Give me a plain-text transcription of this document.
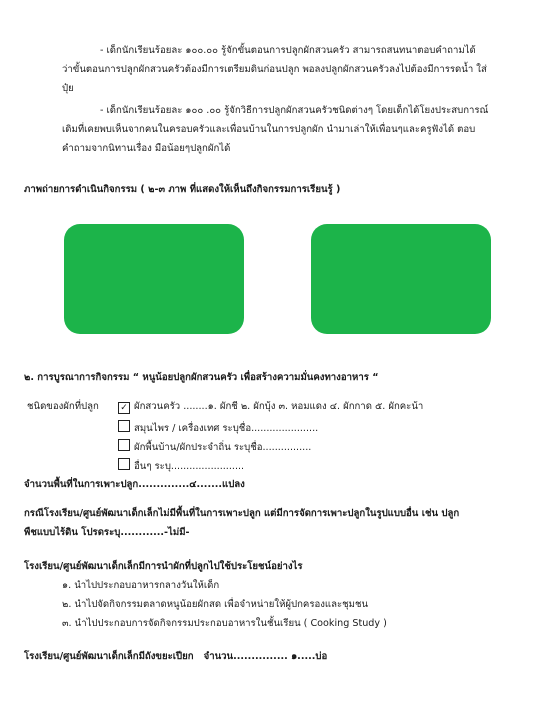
- เด็กนักเรียนร้อยละ ๑๐๐.๐๐ รู้จักขั้นตอนการปลูกผักสวนครัว สามารถสนทนาตอบคำถามได้

ว่าขั้นตอนการปลูกผักสวนครัวต้องมีการเตรียมดินก่อนปลูก พอลงปลูกผักสวนครัวลงไปต้องมีการรดน้ำ ใส่

ปุ๋ย

- เด็กนักเรียนร้อยละ ๑๐๐ .๐๐ รู้จักวิธีการปลูกผักสวนครัวชนิดต่างๆ โดยเด็กได้โยงประสบการณ์

เดิมที่เคยพบเห็นจากคนในครอบครัวและเพื่อนบ้านในการปลูกผัก นำมาเล่าให้เพื่อนๆและครูฟังได้ ตอบ

คำถามจากนิทานเรื่อง มือน้อยๆปลูกผักได้

ภาพถ่ายการดำเนินกิจกรรม ( ๒-๓ ภาพ ที่แสดงให้เห็นถึงกิจกรรมการเรียนรู้ )

๒. การบูรณาการกิจกรรม “ หนูน้อยปลูกผักสวนครัว เพื่อสร้างความมั่นคงทางอาหาร “

ชนิดของผักที่ปลูก ✓ ผักสวนครัว ........๑. ผักชี ๒. ผักบุ้ง ๓. หอมแดง ๔. ผักกาด ๕. ผักคะน้า

สมุนไพร / เครื่องเทศ ระบุชื่อ......................

ผักพื้นบ้าน/ผักประจำถิ่น ระบุชื่อ................

อื่นๆ ระบุ........................

จำนวนพื้นที่ในการเพาะปลูก..............๔.......แปลง

กรณีโรงเรียน/ศูนย์พัฒนาเด็กเล็กไม่มีพื้นที่ในการเพาะปลูก แต่มีการจัดการเพาะปลูกในรูปแบบอื่น เช่น ปลูก

พืชแบบไร้ดิน โปรดระบุ............-ไม่มี-

โรงเรียน/ศูนย์พัฒนาเด็กเล็กมีการนำผักที่ปลูกไปใช้ประโยชน์อย่างไร

๑. นำไปประกอบอาหารกลางวันให้เด็ก

๒. นำไปจัดกิจกรรมตลาดหนูน้อยผักสด เพื่อจำหน่ายให้ผู้ปกครองและชุมชน

๓. นำไปประกอบการจัดกิจกรรมประกอบอาหารในชั้นเรียน ( Cooking Study )

โรงเรียน/ศูนย์พัฒนาเด็กเล็กมีถังขยะเปียก จำนวน............... ๑.....บ่อ
